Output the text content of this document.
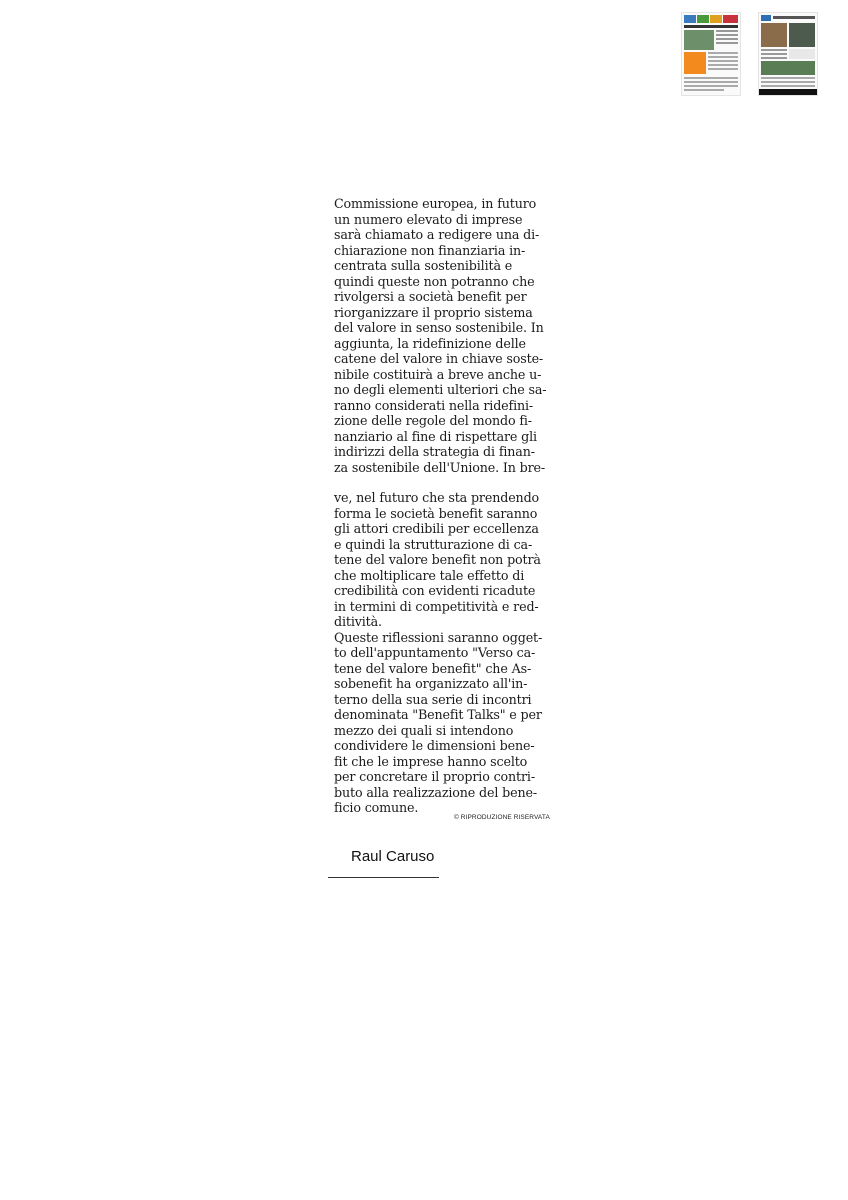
Commissione europea, in futuro
un numero elevato di imprese
sarà chiamato a redigere una di-
chiarazione non finanziaria in-
centrata sulla sostenibilità e
quindi queste non potranno che
rivolgersi a società benefit per
riorganizzare il proprio sistema
del valore in senso sostenibile. In
aggiunta, la ridefinizione delle
catene del valore in chiave soste-
nibile costituirà a breve anche u-
no degli elementi ulteriori che sa-
ranno considerati nella ridefini-
zione delle regole del mondo fi-
nanziario al fine di rispettare gli
indirizzi della strategia di finan-
za sostenibile dell'Unione. In bre-
ve, nel futuro che sta prendendo
forma le società benefit saranno
gli attori credibili per eccellenza
e quindi la strutturazione di ca-
tene del valore benefit non potrà
che moltiplicare tale effetto di
credibilità con evidenti ricadute
in termini di competitività e red-
ditività.
Queste riflessioni saranno ogget-
to dell'appuntamento "Verso ca-
tene del valore benefit" che As-
sobenefit ha organizzato all'in-
terno della sua serie di incontri
denominata "Benefit Talks" e per
mezzo dei quali si intendono
condividere le dimensioni bene-
fit che le imprese hanno scelto
per concretare il proprio contri-
buto alla realizzazione del bene-
ficio comune.
© RIPRODUZIONE RISERVATA
Raul Caruso
